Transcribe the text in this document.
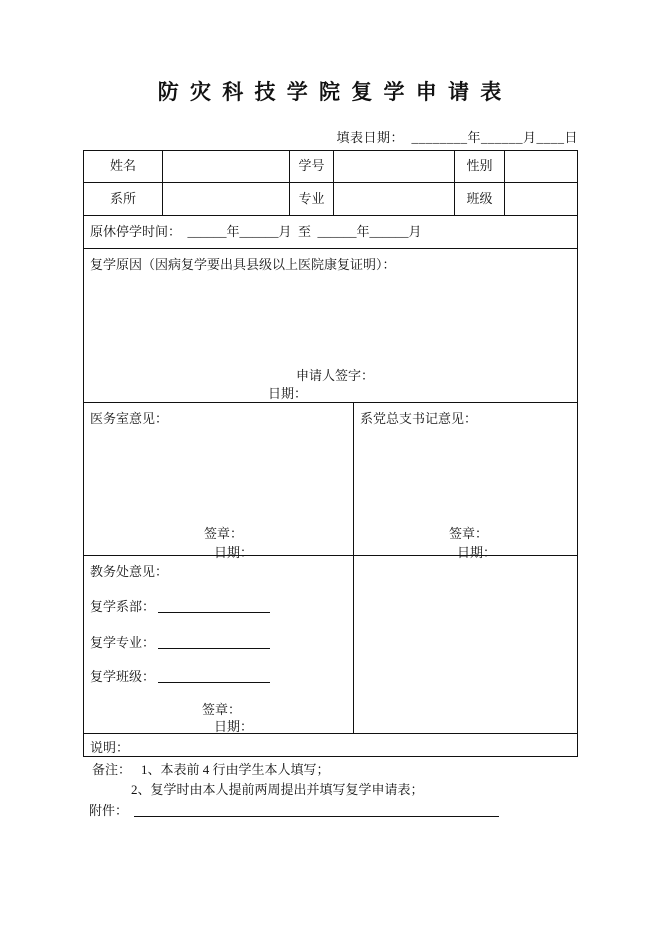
防 灾 科 技 学 院 复 学 申 请 表
填表日期：  ________年______月____日
姓名	学号	性别
系所	专业	班级
原休停学时间：  ______年______月  至  ______年______月
复学原因（因病复学要出具县级以上医院康复证明）：
申请人签字：
日期：
医务室意见：
签章：
日期：
系党总支书记意见：
签章：
日期：
教务处意见：
复学系部：
复学专业：
复学班级：
签章：
日期：
说明：
备注： 1、本表前 4 行由学生本人填写；
2、复学时由本人提前两周提出并填写复学申请表；
附件：
